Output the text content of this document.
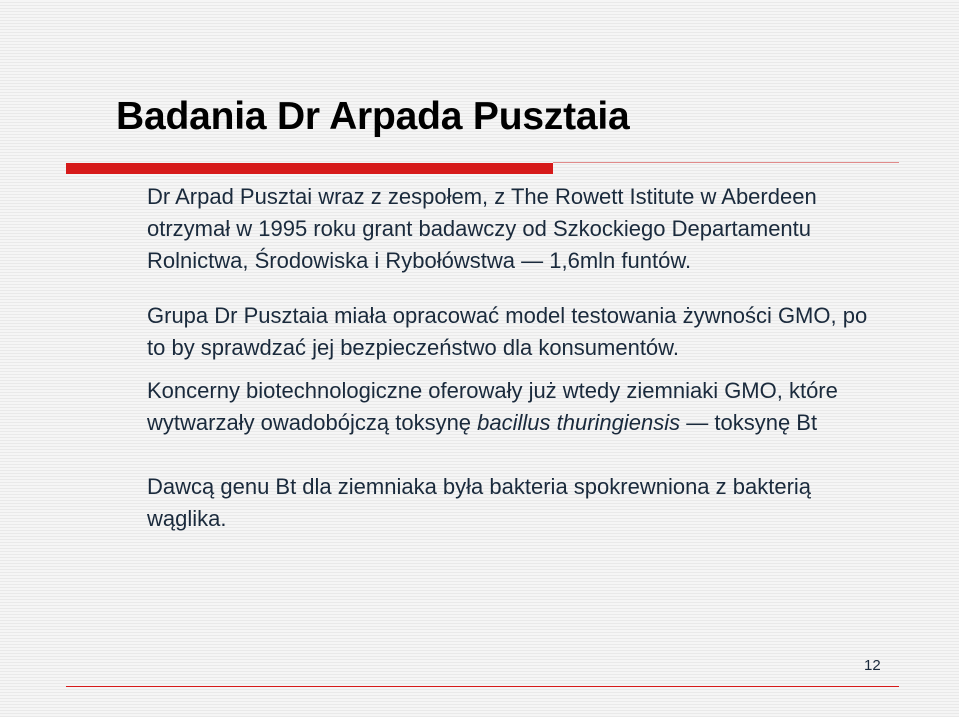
Badania Dr Arpada Pusztaia

Dr Arpad Pusztai wraz z zespołem, z The Rowett Istitute w Aberdeen otrzymał w 1995 roku grant badawczy od Szkockiego Departamentu Rolnictwa, Środowiska i Rybołówstwa — 1,6mln funtów.

Grupa Dr Pusztaia miała opracować model testowania żywności GMO, po to by sprawdzać jej bezpieczeństwo dla konsumentów.

Koncerny biotechnologiczne oferowały już wtedy ziemniaki GMO, które wytwarzały owadobójczą toksynę bacillus thuringiensis — toksynę Bt

Dawcą genu Bt dla ziemniaka była bakteria spokrewniona z bakterią wąglika.

12
